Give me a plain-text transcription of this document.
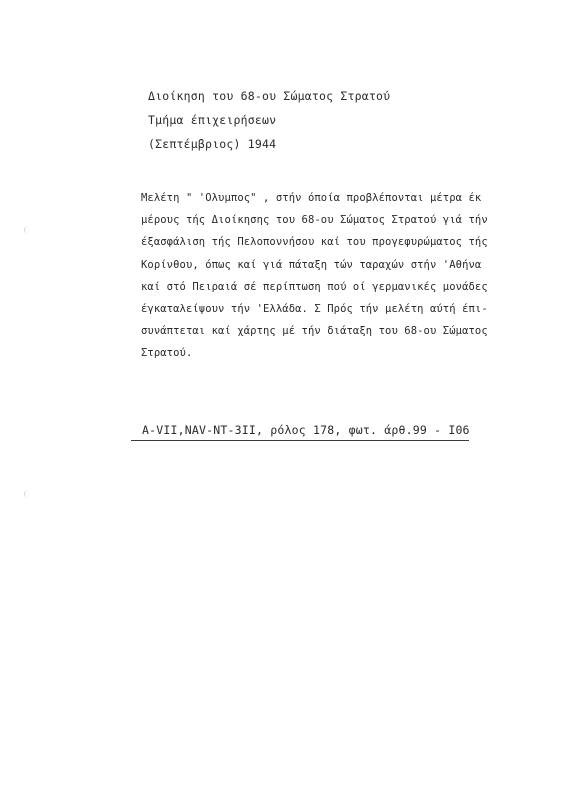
Διοίκηση του 68-ου Σώματος Στρατού
Τμήμα έπιχειρήσεων
(Σεπτέμβριος) 1944
Μελέτη " 'Ολυμπος" , στήν όποία προβλέπονται μέτρα έκ
μέρους τής Διοίκησης του 68-ου Σώματος Στρατού γιά τήν
έξασφάλιση τής Πελοποννήσου καί του προγεφυρώματος τής
Κορίνθου, όπως καί γιά πάταξη τών ταραχών στήν 'Αθήνα
καί στό Πειραιά σέ περίπτωση πού οί γερμανικές μονάδες
έγκαταλείψουν τήν 'Ελλάδα. Σ Πρός τήν μελέτη αύτή έπι-
συνάπτεται καί χάρτης μέ τήν διάταξη του 68-ου Σώματος
Στρατού.
A-VII,NAV-NT-3II, ρόλος 178, φωτ. άρθ.99 - I06
